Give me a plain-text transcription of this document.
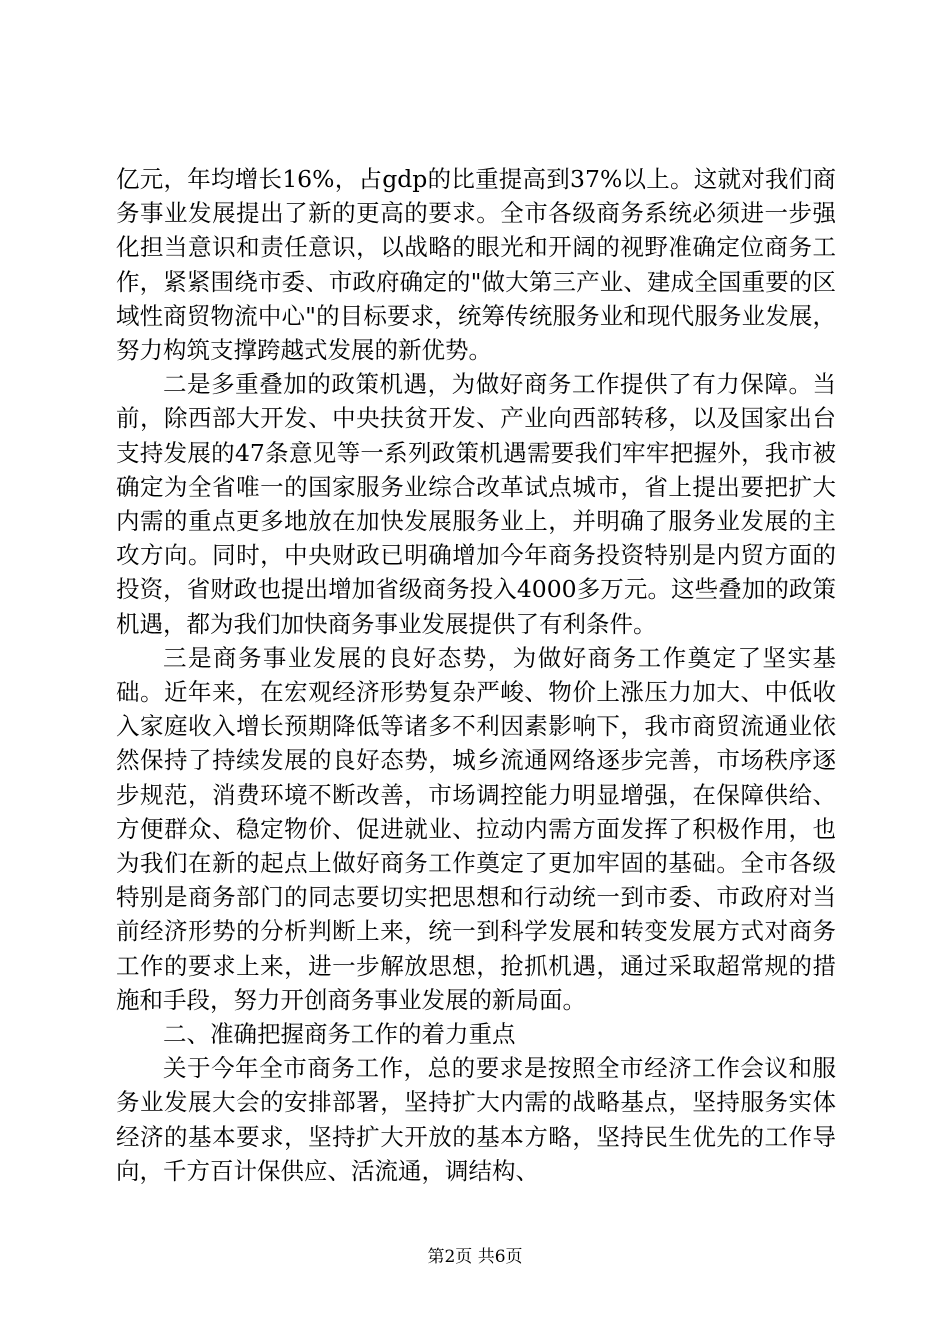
亿元，年均增长16%，占gdp的比重提高到37%以上。这就对我们商务事业发展提出了新的更高的要求。全市各级商务系统必须进一步强化担当意识和责任意识，以战略的眼光和开阔的视野准确定位商务工作，紧紧围绕市委、市政府确定的"做大第三产业、建成全国重要的区域性商贸物流中心"的目标要求，统筹传统服务业和现代服务业发展，努力构筑支撑跨越式发展的新优势。

二是多重叠加的政策机遇，为做好商务工作提供了有力保障。当前，除西部大开发、中央扶贫开发、产业向西部转移，以及国家出台支持发展的47条意见等一系列政策机遇需要我们牢牢把握外，我市被确定为全省唯一的国家服务业综合改革试点城市，省上提出要把扩大内需的重点更多地放在加快发展服务业上，并明确了服务业发展的主攻方向。同时，中央财政已明确增加今年商务投资特别是内贸方面的投资，省财政也提出增加省级商务投入4000多万元。这些叠加的政策机遇，都为我们加快商务事业发展提供了有利条件。

三是商务事业发展的良好态势，为做好商务工作奠定了坚实基础。近年来，在宏观经济形势复杂严峻、物价上涨压力加大、中低收入家庭收入增长预期降低等诸多不利因素影响下，我市商贸流通业依然保持了持续发展的良好态势，城乡流通网络逐步完善，市场秩序逐步规范，消费环境不断改善，市场调控能力明显增强，在保障供给、方便群众、稳定物价、促进就业、拉动内需方面发挥了积极作用，也为我们在新的起点上做好商务工作奠定了更加牢固的基础。全市各级特别是商务部门的同志要切实把思想和行动统一到市委、市政府对当前经济形势的分析判断上来，统一到科学发展和转变发展方式对商务工作的要求上来，进一步解放思想，抢抓机遇，通过采取超常规的措施和手段，努力开创商务事业发展的新局面。

二、准确把握商务工作的着力重点

关于今年全市商务工作，总的要求是按照全市经济工作会议和服务业发展大会的安排部署，坚持扩大内需的战略基点，坚持服务实体经济的基本要求，坚持扩大开放的基本方略，坚持民生优先的工作导向，千方百计保供应、活流通，调结构、

第2页 共6页
